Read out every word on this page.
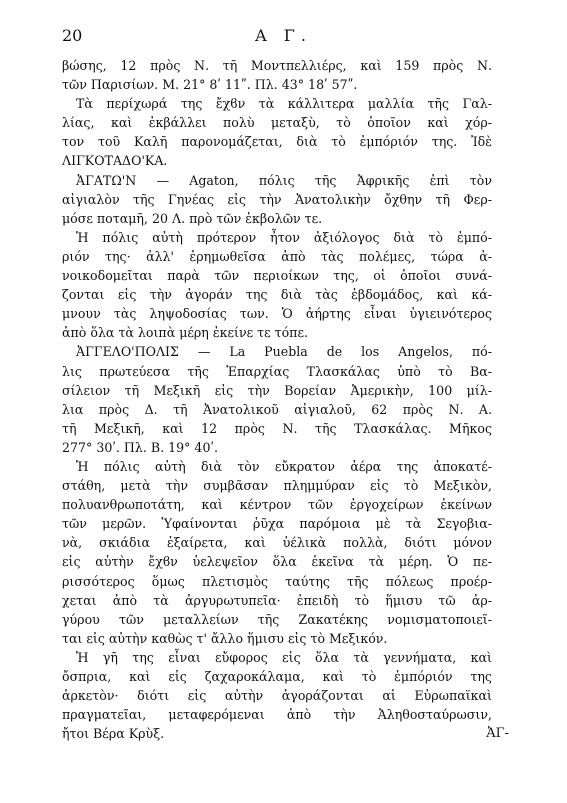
20	Α Γ.
βώσης, 12 πρὸς Ν. τῆ Μοντπελλιέρς, καὶ 159 πρὸς Ν.
τῶν Παρισίων. Μ. 21° 8ʹ 11ʺ. Πλ. 43° 18ʹ 57ʺ.
Τὰ περίχωρά της ἔχϐν τὰ κάλλιτερα μαλλία τῆς Γαλ-
λίας, καὶ ἐκβάλλει πολὺ μεταξὺ, τὸ ὁποῖον καὶ χόρ-
τον τοῦ Καλῆ παρονομάζεται, διὰ τὸ ἐμπόριόν της. Ἰδὲ
ΛΙΓΚΟΤΑΔΟ'ΚΑ.
ἈΓΑΤΩ'Ν — Agaton, πόλις τῆς Ἀφρικῆς ἐπὶ τὸν
αἰγιαλὸν τῆς Γηνέας εἰς τὴν Ἀνατολικὴν ὄχθην τῆ Φερ-
μόσε ποταμῆ, 20 Λ. πρὸ τῶν ἐκβολῶν τε.
Ἡ πόλις αὐτὴ πρότερον ἦτον ἀξιόλογος διὰ τὸ ἐμπό-
ριόν της· ἀλλ' ἐρημωθεῖσα ἀπὸ τὰς πολέμες, τώρα ἀ-
νοικοδομεῖται παρὰ τῶν περιοίκων της, οἱ ὁποῖοι συνά-
ζονται εἰς τὴν ἀγοράν της διὰ τὰς ἑβδομάδος, καὶ κά-
μνουν τὰς ληψοδοσίας των. Ὁ ἀήρτης εἶναι ὑγιεινότερος
ἀπὸ ὅλα τὰ λοιπὰ μέρη ἐκείνε τε τόπε.
ἈΓΓΕΛΟ'ΠΟΛΙΣ — La Puebla de los Angelos, πό-
λις πρωτεύεσα τῆς Ἐπαρχίας Τλασκάλας ὑπὸ τὸ Βα-
σίλειον τῆ Μεξικῆ εἰς τὴν Βορείαν Ἀμερικὴν, 100 μίλ-
λια πρὸς Δ. τῆ Ἀνατολικοῦ αἰγιαλοῦ, 62 πρὸς Ν. Α.
τῆ Μεξικῆ, καὶ 12 πρὸς Ν. τῆς Τλασκάλας. Μῆκος
277° 30ʹ. Πλ. Β. 19° 40ʹ.
Ἡ πόλις αὐτὴ διὰ τὸν εὔκρατον ἀέρα της ἀποκατέ-
στάθη, μετὰ τὴν συμβᾶσαν πλημμύραν εἰς τὸ Μεξικὸν,
πολυανθρωποτάτη, καὶ κέντρον τῶν ἐργοχείρων ἐκείνων
τῶν μερῶν. Ὑφαίνονται ῥῦχα παρόμοια μὲ τὰ Σεγοβια-
νὰ, σκιάδια ἐξαίρετα, καὶ ὑέλικὰ πολλὰ, διότι μόνον
εἰς αὐτὴν ἔχϐν ὑελεψεῖον ὅλα ἐκεῖνα τὰ μέρη. Ὁ πε-
ρισσότερος ὅμως πλετισμὸς ταύτης τῆς πόλεως προέρ-
χεται ἀπὸ τὰ ἀργυρωτυπεῖα· ἐπειδὴ τὸ ἥμισυ τῶ ἀρ-
γύρου τῶν μεταλλείων τῆς Ζακατέκης νομισματοποιεῖ-
ται εἰς αὐτὴν καθὼς τ' ἄλλο ἥμισυ εἰς τὸ Μεξικόν.
Ἡ γῆ της εἶναι εὔφορος εἰς ὅλα τὰ γεννήματα, καὶ
ὄσπρια, καὶ εἰς ζαχαροκάλαμα, καὶ τὸ ἐμπόριόν της
ἀρκετὸν· διότι εἰς αὐτὴν ἀγοράζονται αἱ Εὐρωπαϊκαὶ
πραγματεῖαι, μεταφερόμεναι ἀπὸ τὴν Ἀληθοσταύρωσιν,
ἤτοι Βέρα Κρὺξ.	ἈΓ-
